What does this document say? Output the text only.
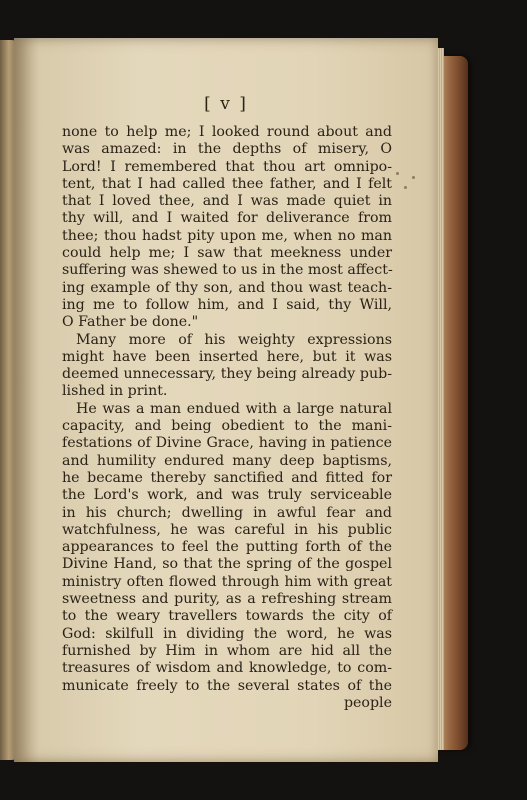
[ v ]
none to help me; I looked round about and
was amazed: in the depths of misery, O
Lord! I remembered that thou art omnipo-
tent, that I had called thee father, and I felt
that I loved thee, and I was made quiet in
thy will, and I waited for deliverance from
thee; thou hadst pity upon me, when no man
could help me; I saw that meekness under
suffering was shewed to us in the most affect-
ing example of thy son, and thou wast teach-
ing me to follow him, and I said, thy Will,
O Father be done."
Many more of his weighty expressions
might have been inserted here, but it was
deemed unnecessary, they being already pub-
lished in print.
He was a man endued with a large natural
capacity, and being obedient to the mani-
festations of Divine Grace, having in patience
and humility endured many deep baptisms,
he became thereby sanctified and fitted for
the Lord's work, and was truly serviceable
in his church; dwelling in awful fear and
watchfulness, he was careful in his public
appearances to feel the putting forth of the
Divine Hand, so that the spring of the gospel
ministry often flowed through him with great
sweetness and purity, as a refreshing stream
to the weary travellers towards the city of
God: skilfull in dividing the word, he was
furnished by Him in whom are hid all the
treasures of wisdom and knowledge, to com-
municate freely to the several states of the
people
